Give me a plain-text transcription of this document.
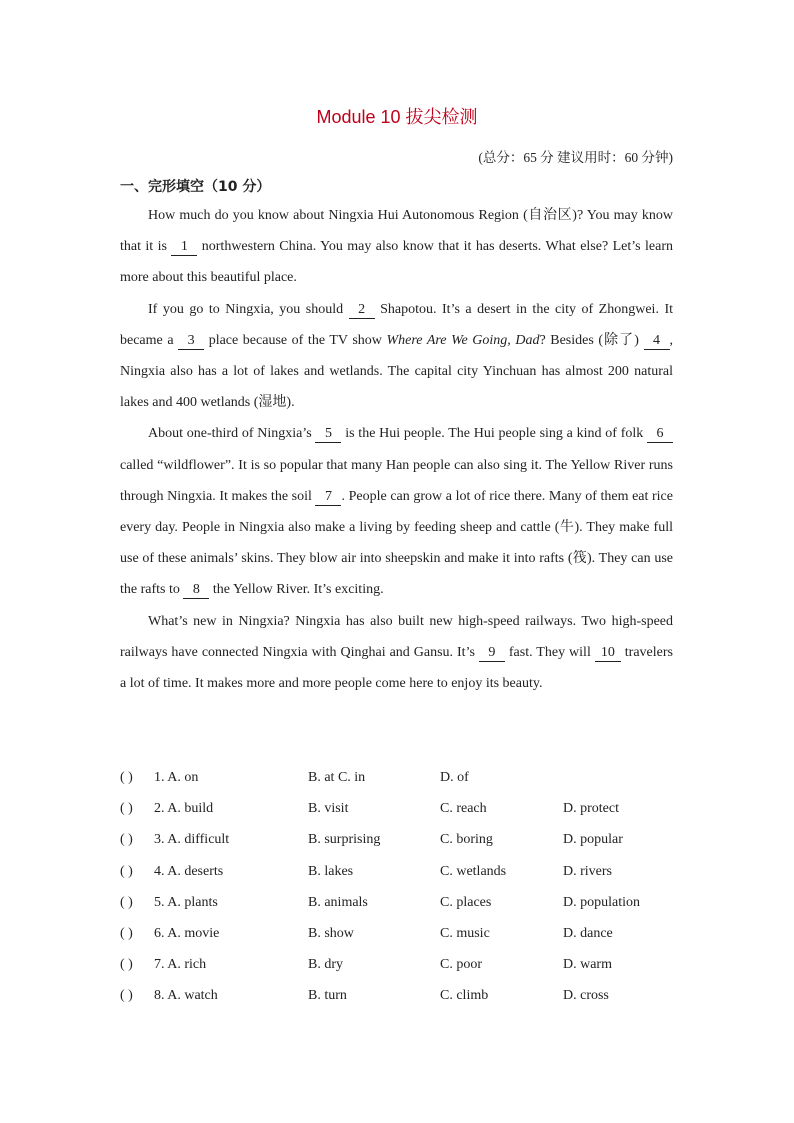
Module 10 拔尖检测
(总分：65 分 建议用时：60 分钟)
一、完形填空（10 分）

How much do you know about Ningxia Hui Autonomous Region (自治区)? You may know that it is 1 northwestern China. You may also know that it has deserts. What else? Let’s learn more about this beautiful place.

If you go to Ningxia, you should 2 Shapotou. It’s a desert in the city of Zhongwei. It became a 3 place because of the TV show Where Are We Going, Dad? Besides (除了) 4 , Ningxia also has a lot of lakes and wetlands. The capital city Yinchuan has almost 200 natural lakes and 400 wetlands (湿地).

About one-third of Ningxia’s 5 is the Hui people. The Hui people sing a kind of folk 6 called “wildflower”. It is so popular that many Han people can also sing it. The Yellow River runs through Ningxia. It makes the soil 7 . People can grow a lot of rice there. Many of them eat rice every day. People in Ningxia also make a living by feeding sheep and cattle (牛). They make full use of these animals’ skins. They blow air into sheepskin and make it into rafts (筏). They can use the rafts to 8 the Yellow River. It’s exciting.

What’s new in Ningxia? Ningxia has also built new high-speed railways. Two high-speed railways have connected Ningxia with Qinghai and Gansu. It’s 9 fast. They will 10 travelers a lot of time. It makes more and more people come here to enjoy its beauty.

( ) 1. A. on	B. at C. in	D. of
( ) 2. A. build	B. visit	C. reach	D. protect
( ) 3. A. difficult	B. surprising	C. boring	D. popular
( ) 4. A. deserts	B. lakes	C. wetlands	D. rivers
( ) 5. A. plants	B. animals	C. places	D. population
( ) 6. A. movie	B. show	C. music	D. dance
( ) 7. A. rich	B. dry	C. poor	D. warm
( ) 8. A. watch	B. turn	C. climb	D. cross
